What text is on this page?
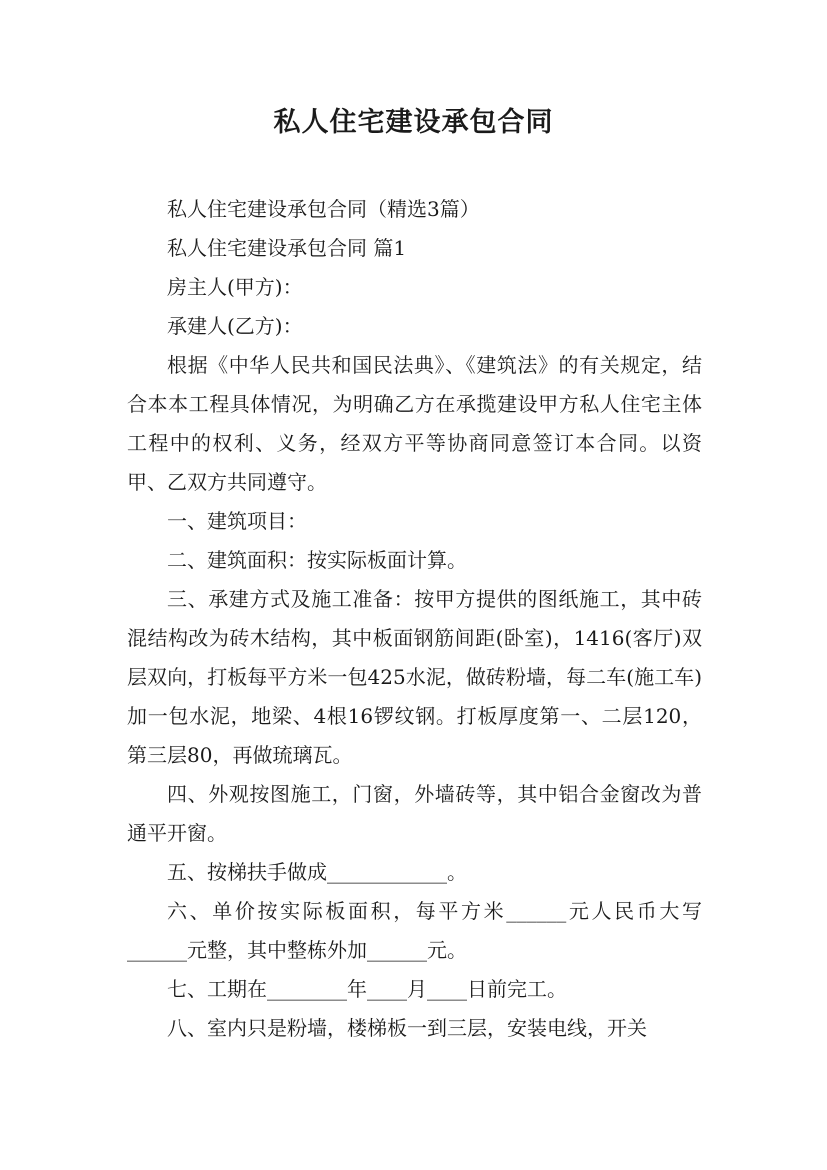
私人住宅建设承包合同

私人住宅建设承包合同（精选3篇）

私人住宅建设承包合同 篇1

房主人(甲方)：

承建人(乙方)：

根据《中华人民共和国民法典》、《建筑法》的有关规定，结合本本工程具体情况，为明确乙方在承揽建设甲方私人住宅主体工程中的权利、义务，经双方平等协商同意签订本合同。以资甲、乙双方共同遵守。

一、建筑项目：

二、建筑面积：按实际板面计算。

三、承建方式及施工准备：按甲方提供的图纸施工，其中砖混结构改为砖木结构，其中板面钢筋间距(卧室)，1416(客厅)双层双向，打板每平方米一包425水泥，做砖粉墙，每二车(施工车)加一包水泥，地梁、4根16锣纹钢。打板厚度第一、二层120，第三层80，再做琉璃瓦。

四、外观按图施工，门窗，外墙砖等，其中铝合金窗改为普通平开窗。

五、按梯扶手做成____________。

六、单价按实际板面积，每平方米______元人民币大写______元整，其中整栋外加______元。

七、工期在________年____月____日前完工。

八、室内只是粉墙，楼梯板一到三层，安装电线，开关
